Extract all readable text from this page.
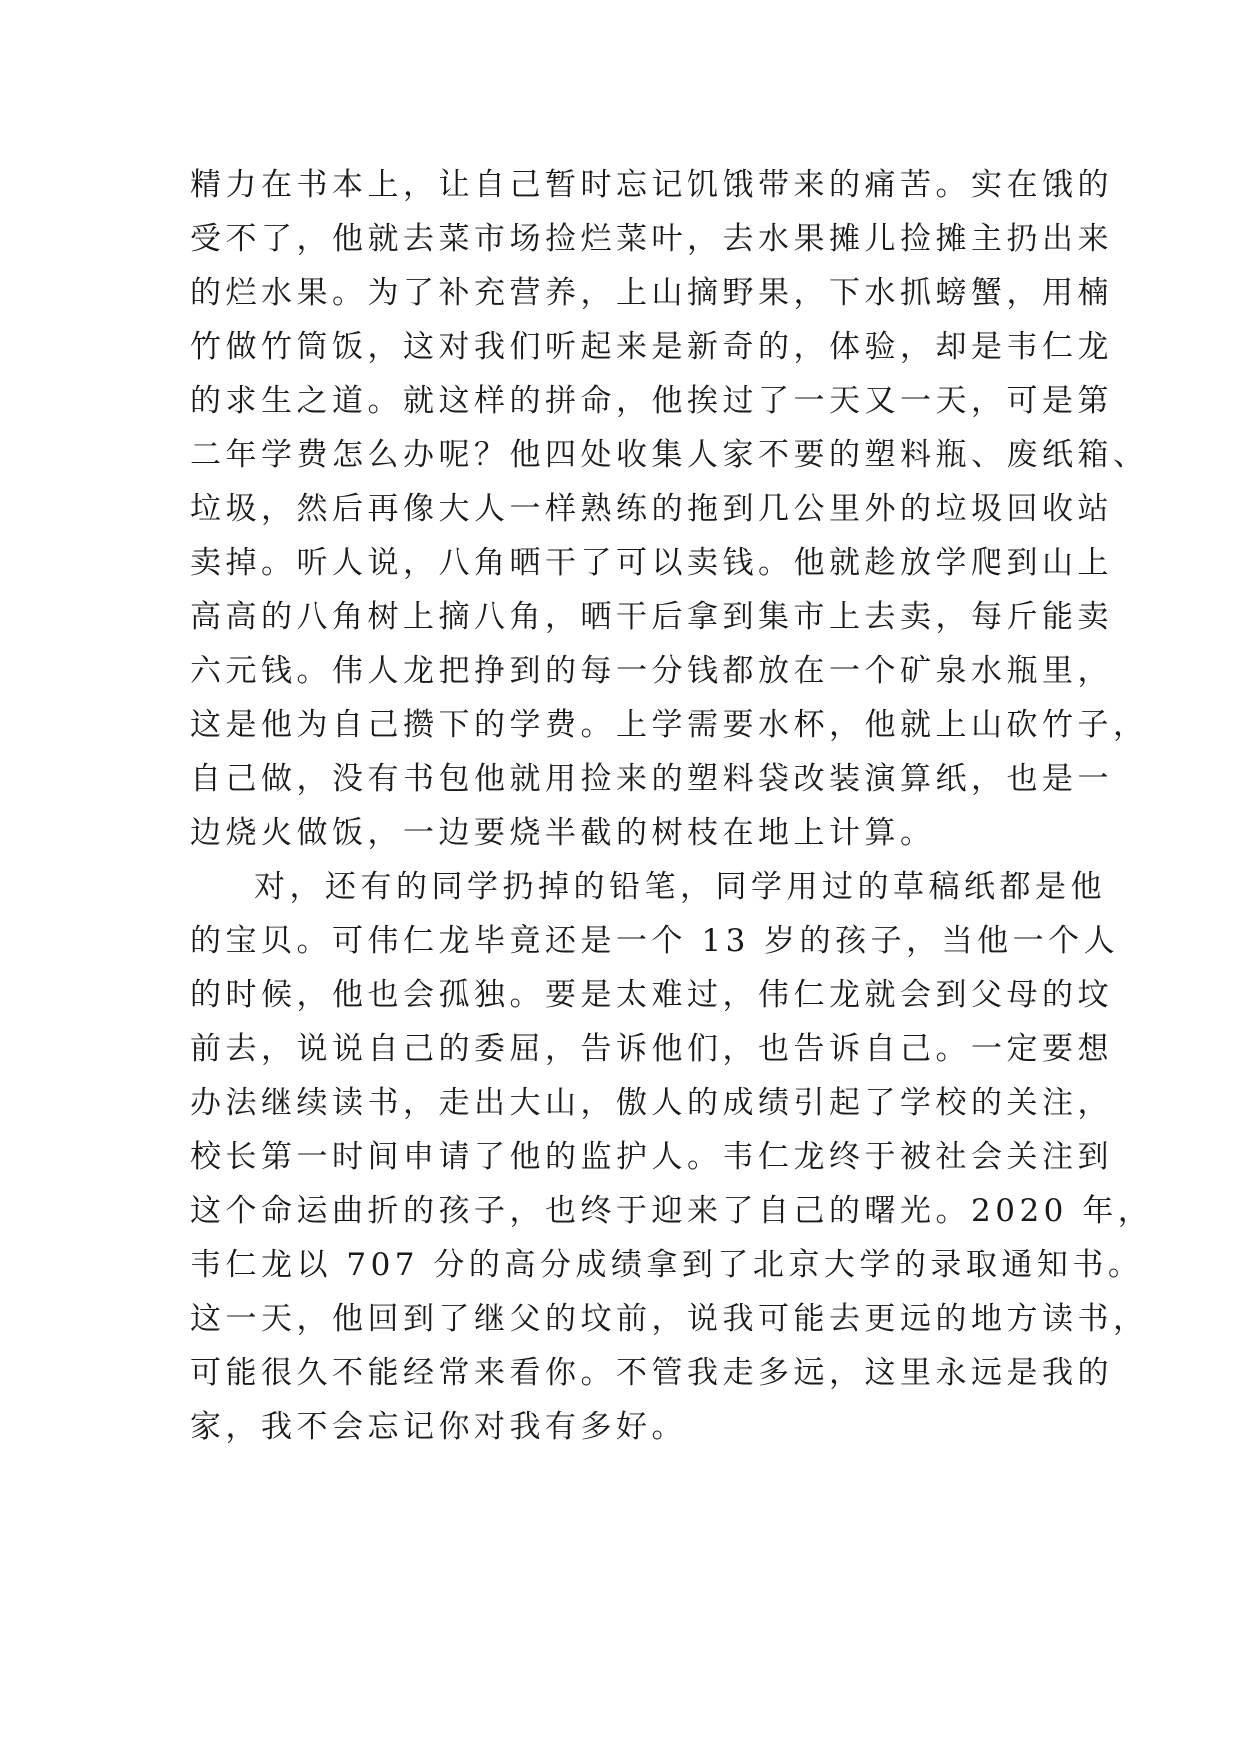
精力在书本上，让自己暂时忘记饥饿带来的痛苦。实在饿的
受不了，他就去菜市场捡烂菜叶，去水果摊儿捡摊主扔出来
的烂水果。为了补充营养，上山摘野果，下水抓螃蟹，用楠
竹做竹筒饭，这对我们听起来是新奇的，体验，却是韦仁龙
的求生之道。就这样的拼命，他挨过了一天又一天，可是第
二年学费怎么办呢？他四处收集人家不要的塑料瓶、废纸箱、
垃圾，然后再像大人一样熟练的拖到几公里外的垃圾回收站
卖掉。听人说，八角晒干了可以卖钱。他就趁放学爬到山上
高高的八角树上摘八角，晒干后拿到集市上去卖，每斤能卖
六元钱。伟人龙把挣到的每一分钱都放在一个矿泉水瓶里，
这是他为自己攒下的学费。上学需要水杯，他就上山砍竹子，
自己做，没有书包他就用捡来的塑料袋改装演算纸，也是一
边烧火做饭，一边要烧半截的树枝在地上计算。
对，还有的同学扔掉的铅笔，同学用过的草稿纸都是他
的宝贝。可伟仁龙毕竟还是一个 13 岁的孩子，当他一个人
的时候，他也会孤独。要是太难过，伟仁龙就会到父母的坟
前去，说说自己的委屈，告诉他们，也告诉自己。一定要想
办法继续读书，走出大山，傲人的成绩引起了学校的关注，
校长第一时间申请了他的监护人。韦仁龙终于被社会关注到
这个命运曲折的孩子，也终于迎来了自己的曙光。2020 年，
韦仁龙以 707 分的高分成绩拿到了北京大学的录取通知书。
这一天，他回到了继父的坟前，说我可能去更远的地方读书，
可能很久不能经常来看你。不管我走多远，这里永远是我的
家，我不会忘记你对我有多好。
